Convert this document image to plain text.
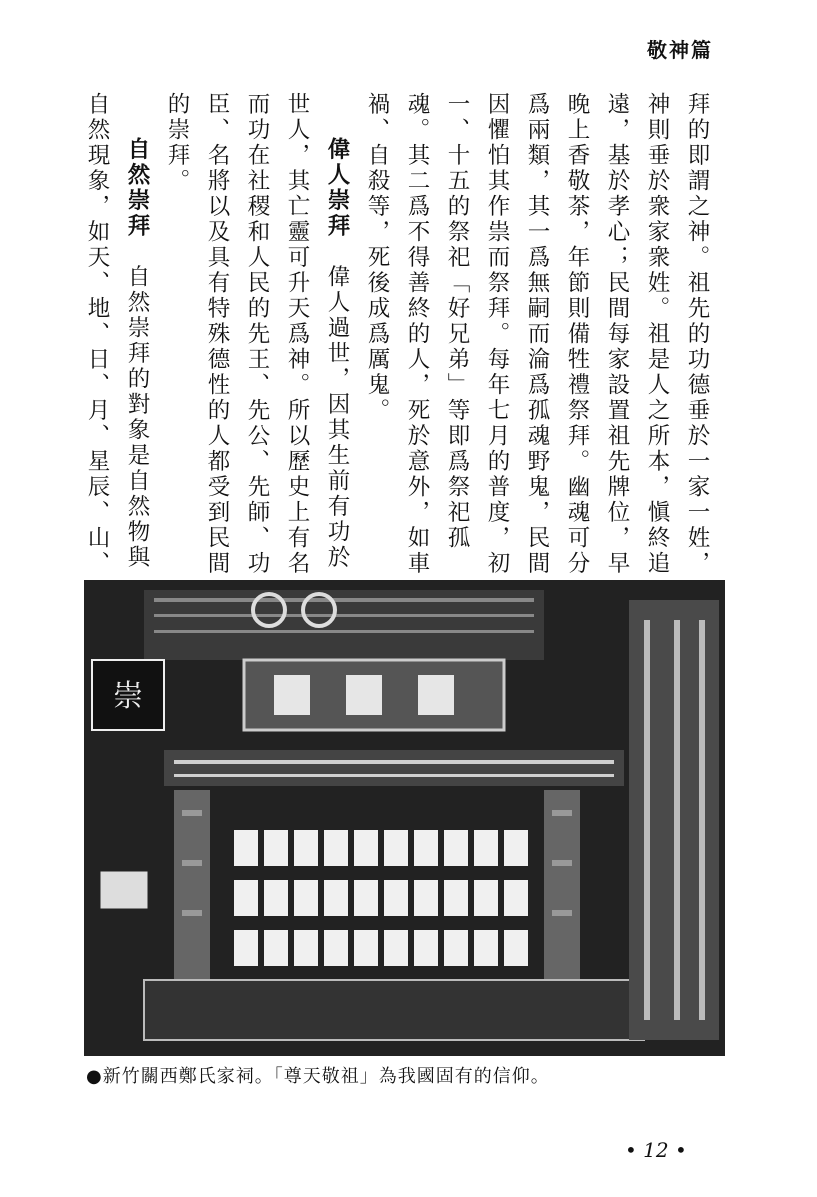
敬神篇

拜的即謂之神。祖先的功德垂於一家一姓，神則垂於衆家衆姓。祖是人之所本，愼終追遠，基於孝心；民間每家設置祖先牌位，早晚上香敬茶，年節則備牲禮祭拜。幽魂可分爲兩類，其一爲無嗣而淪爲孤魂野鬼，民間因懼怕其作祟而祭拜。每年七月的普度，初一、十五的祭祀「好兄弟」等即爲祭祀孤魂。其二爲不得善終的人，死於意外，如車禍、自殺等，死後成爲厲鬼。

偉人崇拜　偉人過世，因其生前有功於世人，其亡靈可升天爲神。所以歷史上有名而功在社稷和人民的先王、先公、先師、功臣、名將以及具有特殊德性的人都受到民間的崇拜。

自然崇拜　自然崇拜的對象是自然物與自然現象，如天、地、日、月、星辰、山、

崇
●新竹關西鄭氏家祠。「尊天敬祖」為我國固有的信仰。
• 12 •
